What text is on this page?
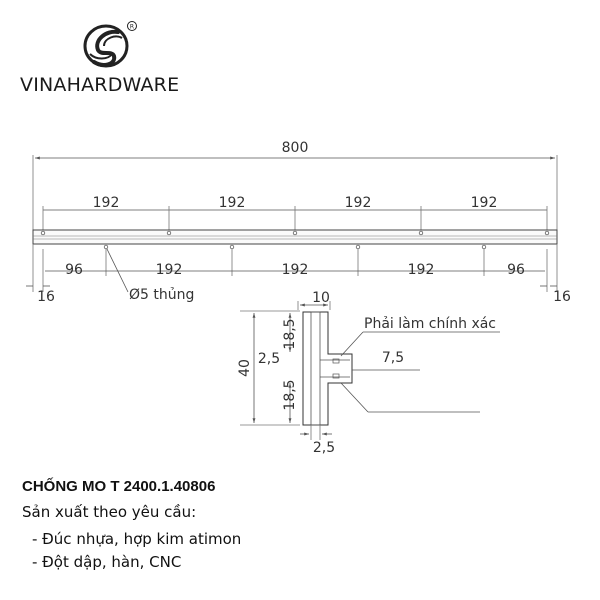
R
VINAHARDWARE
800
192	192	192	192
96	192	192	192	96
16	16
Ø5 thủng	10
40
18,5
18,5
2,5	7,5
Phải làm chính xác
2,5
CHỐNG MO T 2400.1.40806
Sản xuất theo yêu cầu:
- Đúc nhựa, hợp kim atimon
- Đột dập, hàn, CNC
